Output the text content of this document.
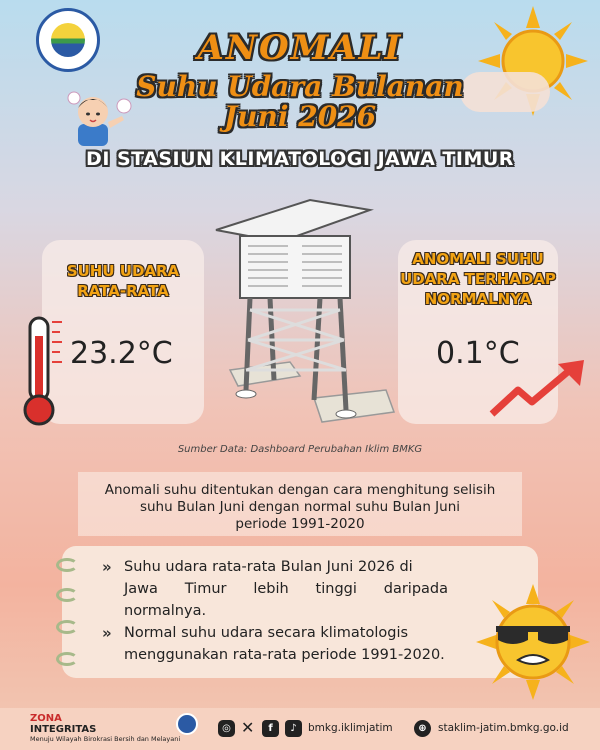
ANOMALI
Suhu Udara Bulanan
Juni 2026
DI STASIUN KLIMATOLOGI JAWA TIMUR
SUHU UDARA
RATA-RATA
23.2°C
ANOMALI SUHU
UDARA TERHADAP
NORMALNYA
0.1°C
Sumber Data: Dashboard Perubahan Iklim BMKG
Anomali suhu ditentukan dengan cara menghitung selisih
suhu Bulan Juni dengan normal suhu Bulan Juni
periode 1991-2020
» Suhu udara rata-rata Bulan Juni 2026 di
Jawa Timur lebih tinggi daripada
normalnya.
» Normal suhu udara secara klimatologis
menggunakan rata-rata periode 1991-2020.
ZONA
INTEGRITAS
Menuju Wilayah Birokrasi Bersih dan Melayani
◎ ✕	f	♪	bmkg.iklimjatim	⊕	staklim-jatim.bmkg.go.id
